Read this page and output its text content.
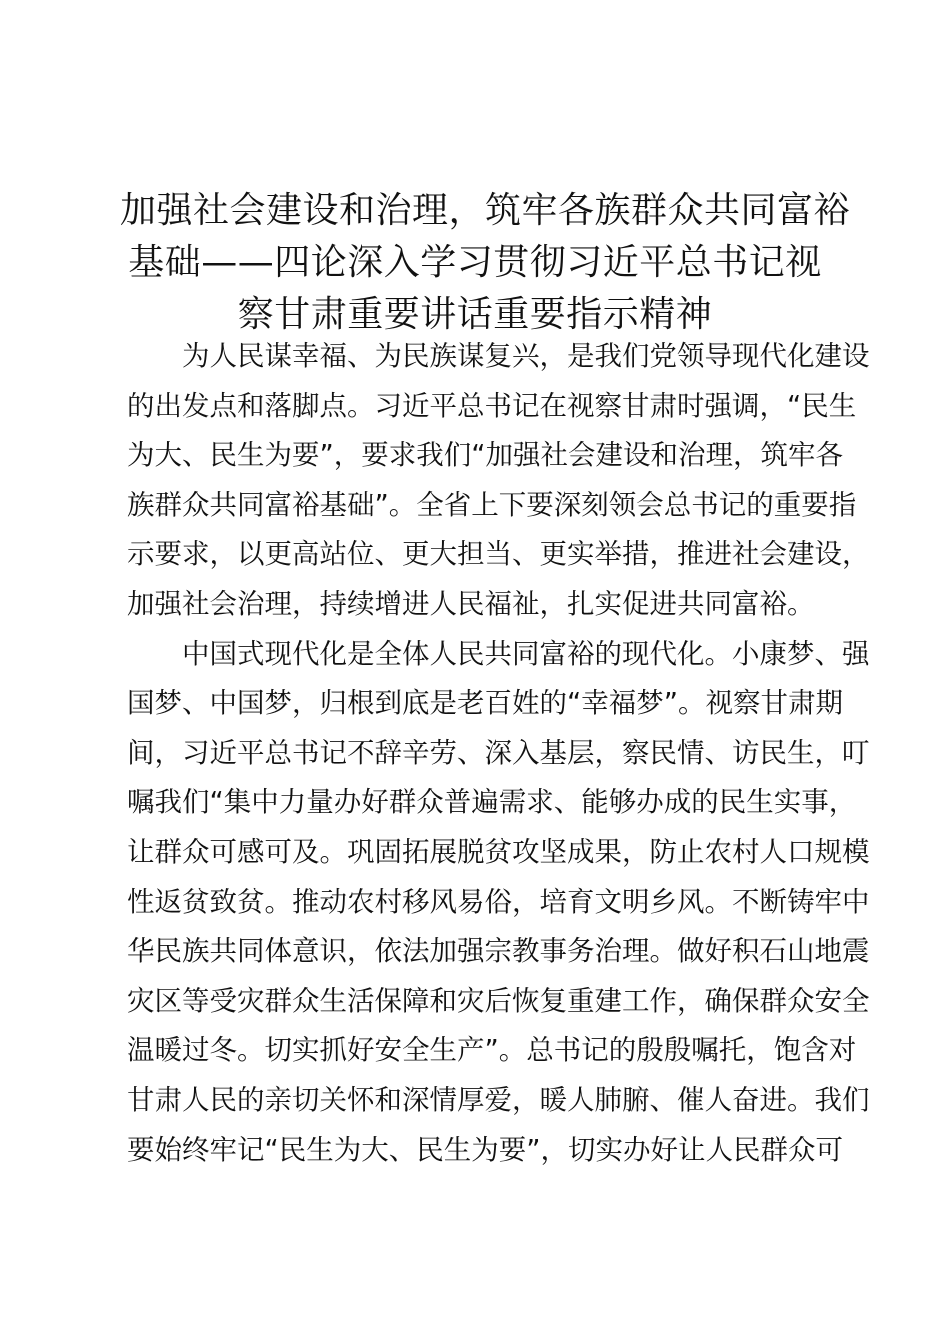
加强社会建设和治理，筑牢各族群众共同富裕
基础——四论深入学习贯彻习近平总书记视
察甘肃重要讲话重要指示精神
为人民谋幸福、为民族谋复兴，是我们党领导现代化建设
的出发点和落脚点。习近平总书记在视察甘肃时强调，“民生
为大、民生为要”，要求我们“加强社会建设和治理，筑牢各
族群众共同富裕基础”。全省上下要深刻领会总书记的重要指
示要求，以更高站位、更大担当、更实举措，推进社会建设，
加强社会治理，持续增进人民福祉，扎实促进共同富裕。
中国式现代化是全体人民共同富裕的现代化。小康梦、强
国梦、中国梦，归根到底是老百姓的“幸福梦”。视察甘肃期
间，习近平总书记不辞辛劳、深入基层，察民情、访民生，叮
嘱我们“集中力量办好群众普遍需求、能够办成的民生实事，
让群众可感可及。巩固拓展脱贫攻坚成果，防止农村人口规模
性返贫致贫。推动农村移风易俗，培育文明乡风。不断铸牢中
华民族共同体意识，依法加强宗教事务治理。做好积石山地震
灾区等受灾群众生活保障和灾后恢复重建工作，确保群众安全
温暖过冬。切实抓好安全生产”。总书记的殷殷嘱托，饱含对
甘肃人民的亲切关怀和深情厚爱，暖人肺腑、催人奋进。我们
要始终牢记“民生为大、民生为要”，切实办好让人民群众可
